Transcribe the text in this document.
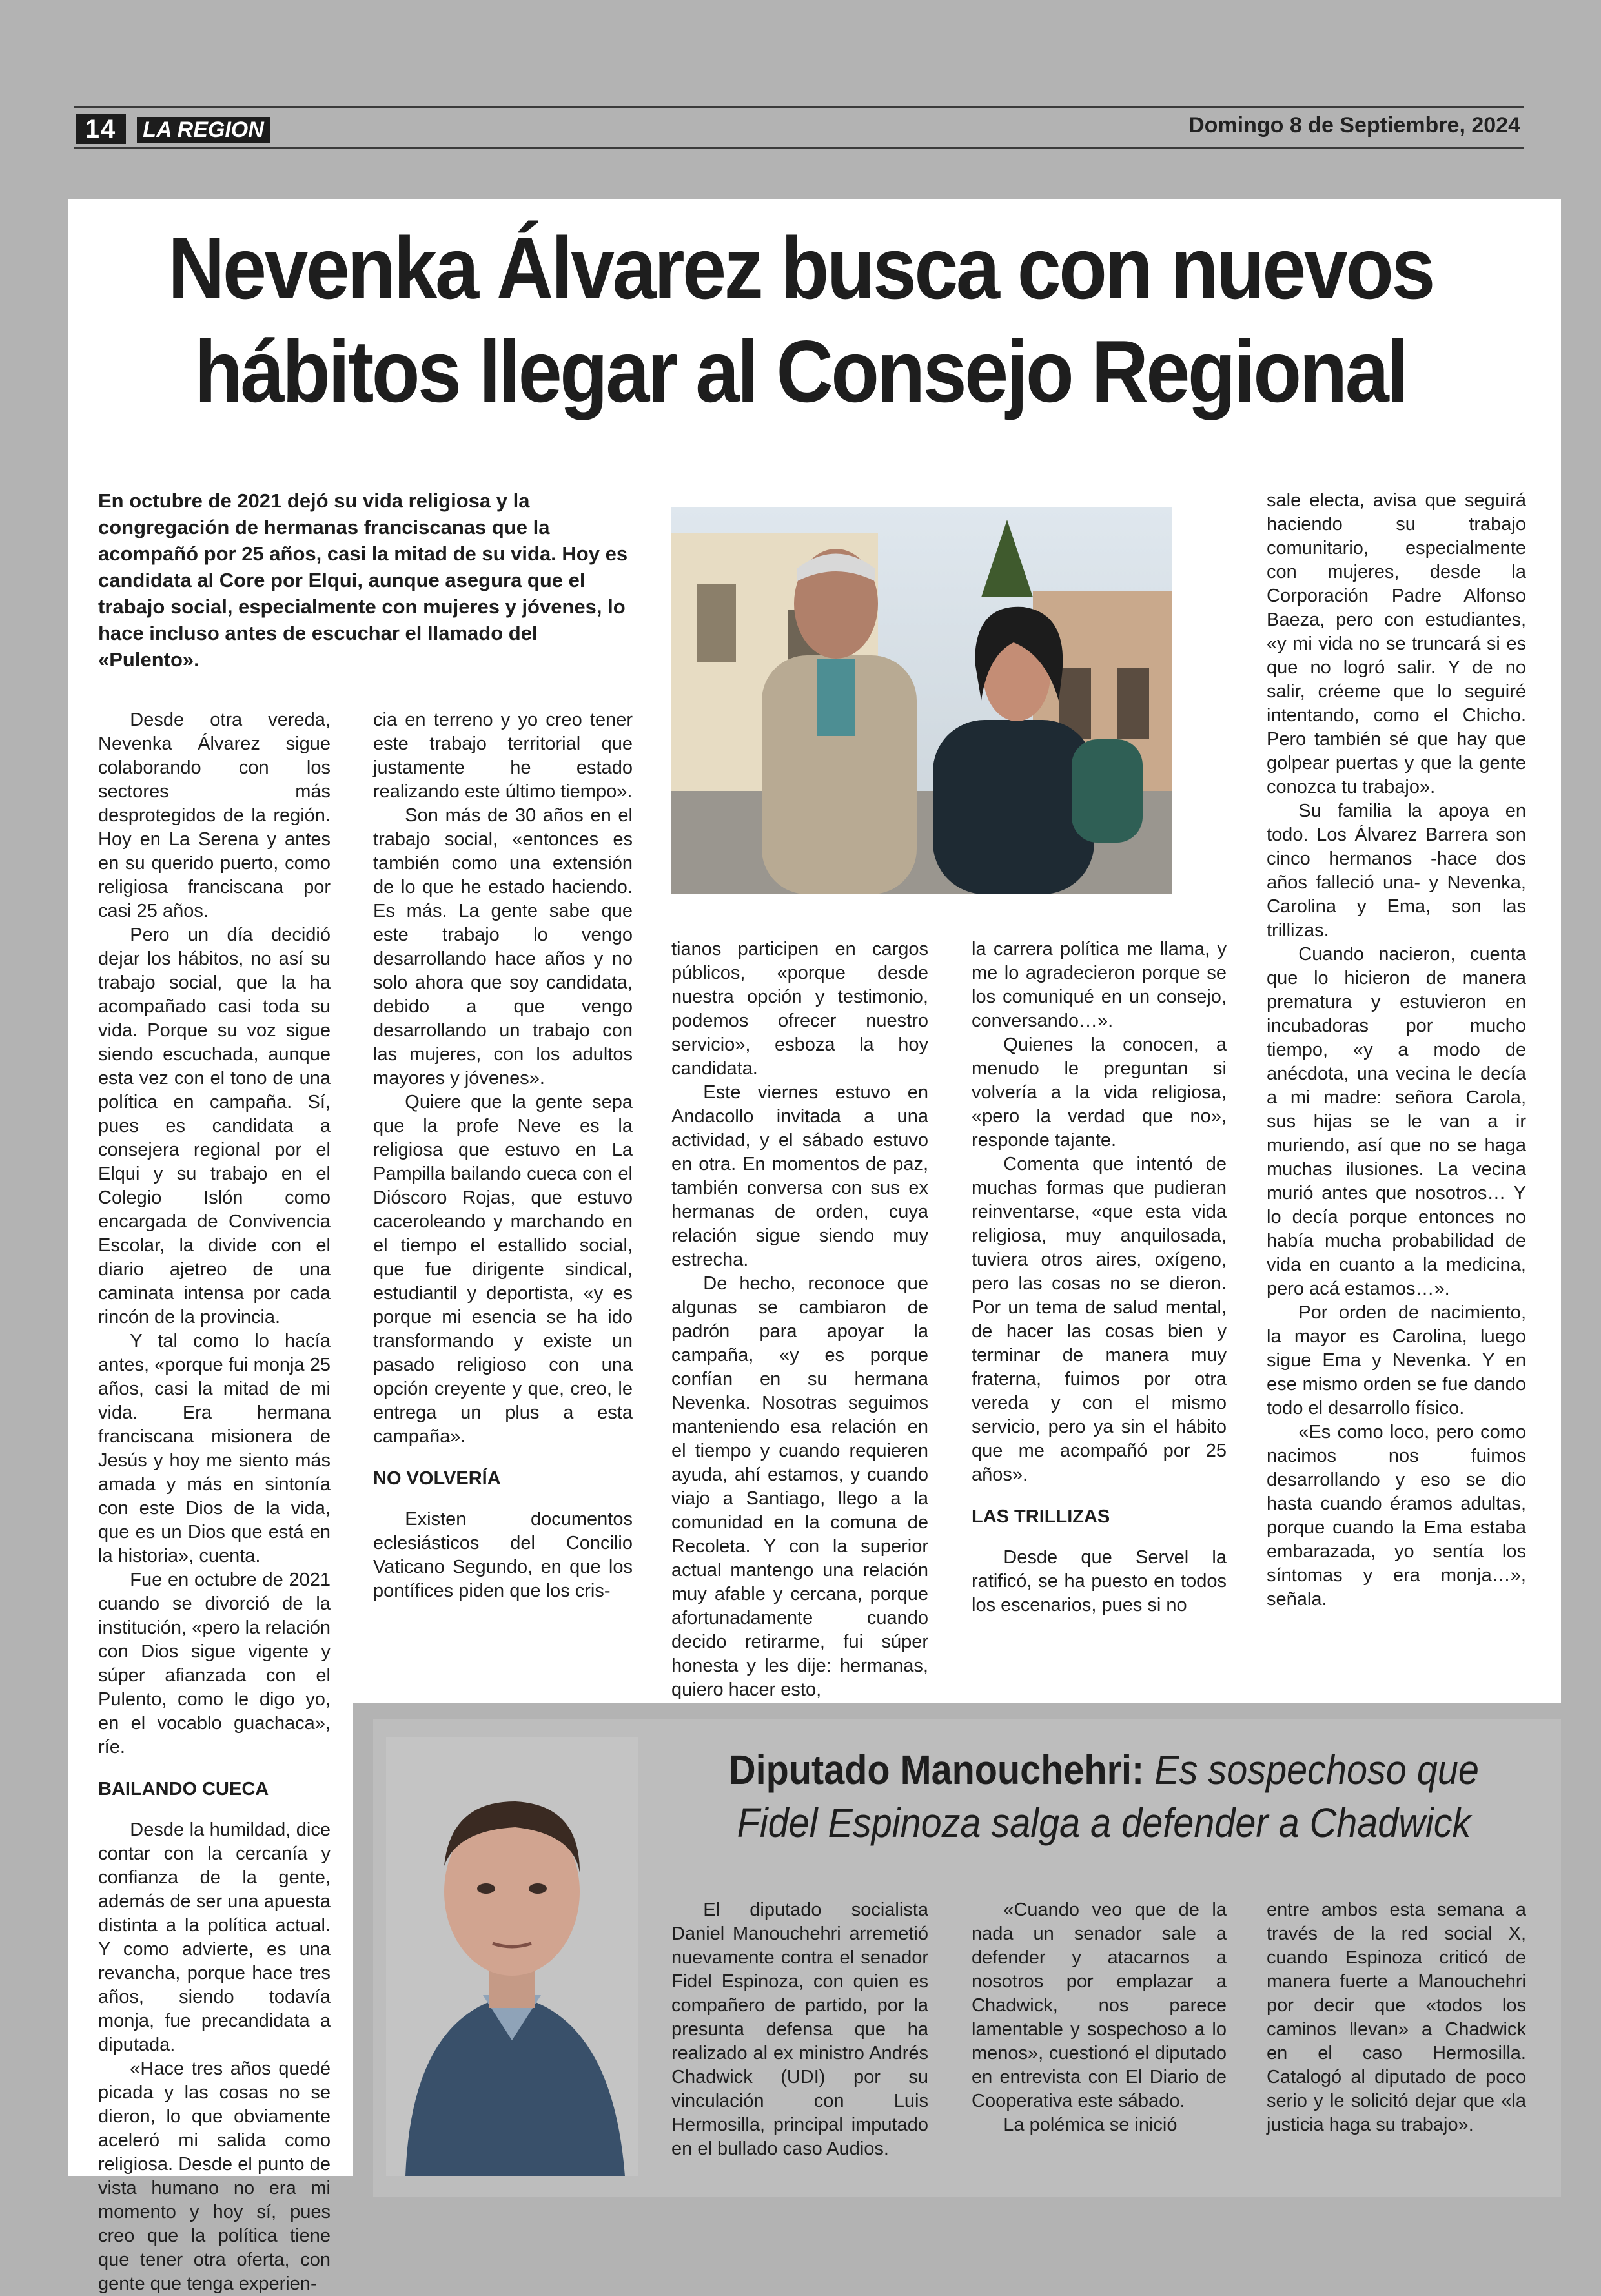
14	LA REGION	Domingo 8 de Septiembre, 2024
Nevenka Álvarez busca con nuevos hábitos llegar al Consejo Regional

En octubre de 2021 dejó su vida religiosa y la congregación de hermanas franciscanas que la acompañó por 25 años, casi la mitad de su vida. Hoy es candidata al Core por Elqui, aunque asegura que el trabajo social, especialmente con mujeres y jóvenes, lo hace incluso antes de escuchar el llamado del «Pulento».

Desde otra vereda, Nevenka Álvarez sigue colaborando con los sectores más desprotegidos de la región. Hoy en La Serena y antes en su querido puerto, como religiosa franciscana por casi 25 años.

Pero un día decidió dejar los hábitos, no así su trabajo social, que la ha acompañado casi toda su vida. Porque su voz sigue siendo escuchada, aunque esta vez con el tono de una política en campaña. Sí, pues es candidata a consejera regional por el Elqui y su trabajo en el Colegio Islón como encargada de Convivencia Escolar, la divide con el diario ajetreo de una caminata intensa por cada rincón de la provincia.

Y tal como lo hacía antes, «porque fui monja 25 años, casi la mitad de mi vida. Era hermana franciscana misionera de Jesús y hoy me siento más amada y más en sintonía con este Dios de la vida, que es un Dios que está en la historia», cuenta.

Fue en octubre de 2021 cuando se divorció de la institución, «pero la relación con Dios sigue vigente y súper afianzada con el Pulento, como le digo yo, en el vocablo guachaca», ríe.

BAILANDO CUECA

Desde la humildad, dice contar con la cercanía y confianza de la gente, además de ser una apuesta distinta a la política actual. Y como advierte, es una revancha, porque hace tres años, siendo todavía monja, fue precandidata a diputada.

«Hace tres años quedé picada y las cosas no se dieron, lo que obviamente aceleró mi salida como religiosa. Desde el punto de vista humano no era mi momento y hoy sí, pues creo que la política tiene que tener otra oferta, con gente que tenga experien-

cia en terreno y yo creo tener este trabajo territorial que justamente he estado realizando este último tiempo».

Son más de 30 años en el trabajo social, «entonces es también como una extensión de lo que he estado haciendo. Es más. La gente sabe que este trabajo lo vengo desarrollando hace años y no solo ahora que soy candidata, debido a que vengo desarrollando un trabajo con las mujeres, con los adultos mayores y jóvenes».

Quiere que la gente sepa que la profe Neve es la religiosa que estuvo en La Pampilla bailando cueca con el Dióscoro Rojas, que estuvo caceroleando y marchando en el tiempo el estallido social, que fue dirigente sindical, estudiantil y deportista, «y es porque mi esencia se ha ido transformando y existe un pasado religioso con una opción creyente y que, creo, le entrega un plus a esta campaña».

NO VOLVERÍA

Existen documentos eclesiásticos del Concilio Vaticano Segundo, en que los pontífices piden que los cris-

tianos participen en cargos públicos, «porque desde nuestra opción y testimonio, podemos ofrecer nuestro servicio», esboza la hoy candidata.

Este viernes estuvo en Andacollo invitada a una actividad, y el sábado estuvo en otra. En momentos de paz, también conversa con sus ex hermanas de orden, cuya relación sigue siendo muy estrecha.

De hecho, reconoce que algunas se cambiaron de padrón para apoyar la campaña, «y es porque confían en su hermana Nevenka. Nosotras seguimos manteniendo esa relación en el tiempo y cuando requieren ayuda, ahí estamos, y cuando viajo a Santiago, llego a la comunidad en la comuna de Recoleta. Y con la superior actual mantengo una relación muy afable y cercana, porque afortunadamente cuando decido retirarme, fui súper honesta y les dije: hermanas, quiero hacer esto,

la carrera política me llama, y me lo agradecieron porque se los comuniqué en un consejo, conversando…».

Quienes la conocen, a menudo le preguntan si volvería a la vida religiosa, «pero la verdad que no», responde tajante.

Comenta que intentó de muchas formas que pudieran reinventarse, «que esta vida religiosa, muy anquilosada, tuviera otros aires, oxígeno, pero las cosas no se dieron. Por un tema de salud mental, de hacer las cosas bien y terminar de manera muy fraterna, fuimos por otra vereda y con el mismo servicio, pero ya sin el hábito que me acompañó por 25 años».

LAS TRILLIZAS

Desde que Servel la ratificó, se ha puesto en todos los escenarios, pues si no

sale electa, avisa que seguirá haciendo su trabajo comunitario, especialmente con mujeres, desde la Corporación Padre Alfonso Baeza, pero con estudiantes, «y mi vida no se truncará si es que no logró salir. Y de no salir, créeme que lo seguiré intentando, como el Chicho. Pero también sé que hay que golpear puertas y que la gente conozca tu trabajo».

Su familia la apoya en todo. Los Álvarez Barrera son cinco hermanos -hace dos años falleció una- y Nevenka, Carolina y Ema, son las trillizas.

Cuando nacieron, cuenta que lo hicieron de manera prematura y estuvieron en incubadoras por mucho tiempo, «y a modo de anécdota, una vecina le decía a mi madre: señora Carola, sus hijas se le van a ir muriendo, así que no se haga muchas ilusiones. La vecina murió antes que nosotros… Y lo decía porque entonces no había mucha probabilidad de vida en cuanto a la medicina, pero acá estamos…».

Por orden de nacimiento, la mayor es Carolina, luego sigue Ema y Nevenka. Y en ese mismo orden se fue dando todo el desarrollo físico.

«Es como loco, pero como nacimos nos fuimos desarrollando y eso se dio hasta cuando éramos adultas, porque cuando la Ema estaba embarazada, yo sentía los síntomas y era monja…», señala.

Diputado Manouchehri: Es sospechoso que Fidel Espinoza salga a defender a Chadwick

El diputado socialista Daniel Manouchehri arremetió nuevamente contra el senador Fidel Espinoza, con quien es compañero de partido, por la presunta defensa que ha realizado al ex ministro Andrés Chadwick (UDI) por su vinculación con Luis Hermosilla, principal imputado en el bullado caso Audios.

«Cuando veo que de la nada un senador sale a defender y atacarnos a nosotros por emplazar a Chadwick, nos parece lamentable y sospechoso a lo menos», cuestionó el diputado en entrevista con El Diario de Cooperativa este sábado.

La polémica se inició

entre ambos esta semana a través de la red social X, cuando Espinoza criticó de manera fuerte a Manouchehri por decir que «todos los caminos llevan» a Chadwick en el caso Hermosilla. Catalogó al diputado de poco serio y le solicitó dejar que «la justicia haga su trabajo».
